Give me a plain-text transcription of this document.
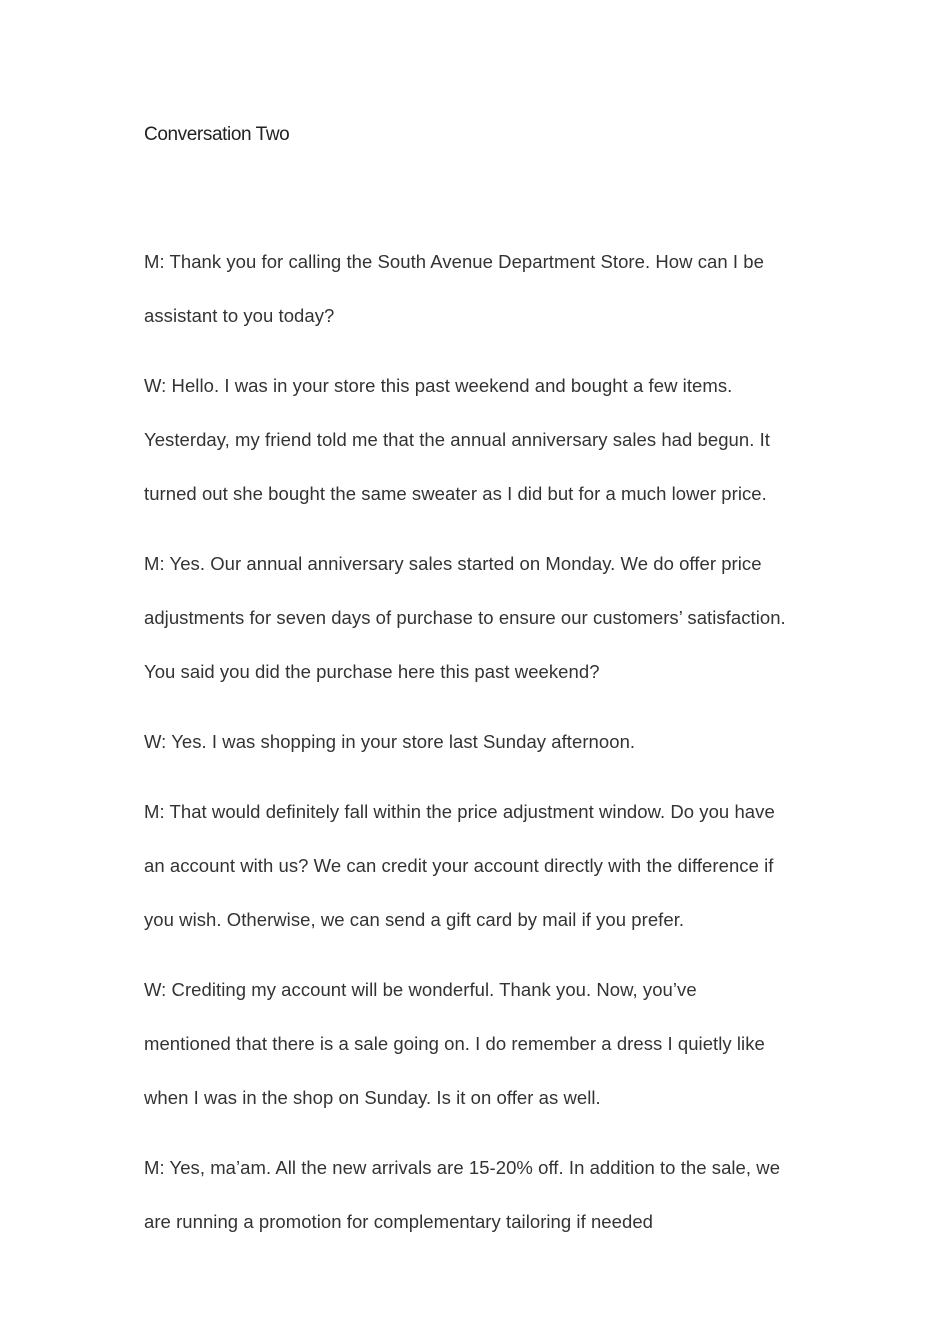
Conversation Two

M: Thank you for calling the South Avenue Department Store. How can I be
assistant to you today?

W: Hello. I was in your store this past weekend and bought a few items.
Yesterday, my friend told me that the annual anniversary sales had begun. It
turned out she bought the same sweater as I did but for a much lower price.

M: Yes. Our annual anniversary sales started on Monday. We do offer price
adjustments for seven days of purchase to ensure our customers’ satisfaction.
You said you did the purchase here this past weekend?

W: Yes. I was shopping in your store last Sunday afternoon.

M: That would definitely fall within the price adjustment window. Do you have
an account with us? We can credit your account directly with the difference if
you wish. Otherwise, we can send a gift card by mail if you prefer.

W: Crediting my account will be wonderful. Thank you. Now, you’ve
mentioned that there is a sale going on. I do remember a dress I quietly like
when I was in the shop on Sunday. Is it on offer as well.

M: Yes, ma’am. All the new arrivals are 15-20% off. In addition to the sale, we
are running a promotion for complementary tailoring if needed
